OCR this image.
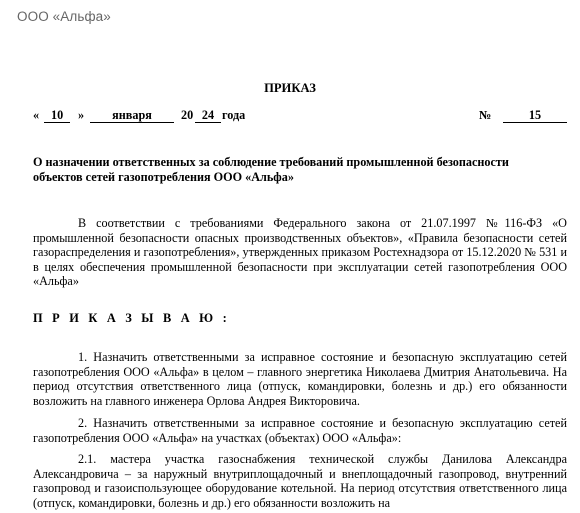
ООО «Альфа»
ПРИКАЗ
« 10	»	января	20 24 года	№	15
О назначении ответственных за соблюдение требований промышленной безопасности объектов сетей газопотребления ООО «Альфа»
В соответствии с требованиями Федерального закона от 21.07.1997 №116-ФЗ «О промышленной безопасности опасных производственных объектов», «Правила безопасности сетей газораспределения и газопотребления», утвержденных приказом Ростехнадзора от 15.12.2020 № 531 и в целях обеспечения промышленной безопасности при эксплуатации сетей газопотребления ООО «Альфа»
П Р И К А З Ы В А Ю :
1. Назначить ответственными за исправное состояние и безопасную эксплуатацию сетей газопотребления ООО «Альфа» в целом – главного энергетика Николаева Дмитрия Анатольевича. На период отсутствия ответственного лица (отпуск, командировки, болезнь и др.) его обязанности возложить на главного инженера Орлова Андрея Викторовича.
2. Назначить ответственными за исправное состояние и безопасную эксплуатацию сетей газопотребления ООО «Альфа» на участках (объектах) ООО «Альфа»:
2.1. мастера участка газоснабжения технической службы Данилова Александра Александровича – за наружный внутриплощадочный и внеплощадочный газопровод, внутренний газопровод и газоиспользующее оборудование котельной. На период отсутствия ответственного лица (отпуск, командировки, болезнь и др.) его обязанности возложить на
